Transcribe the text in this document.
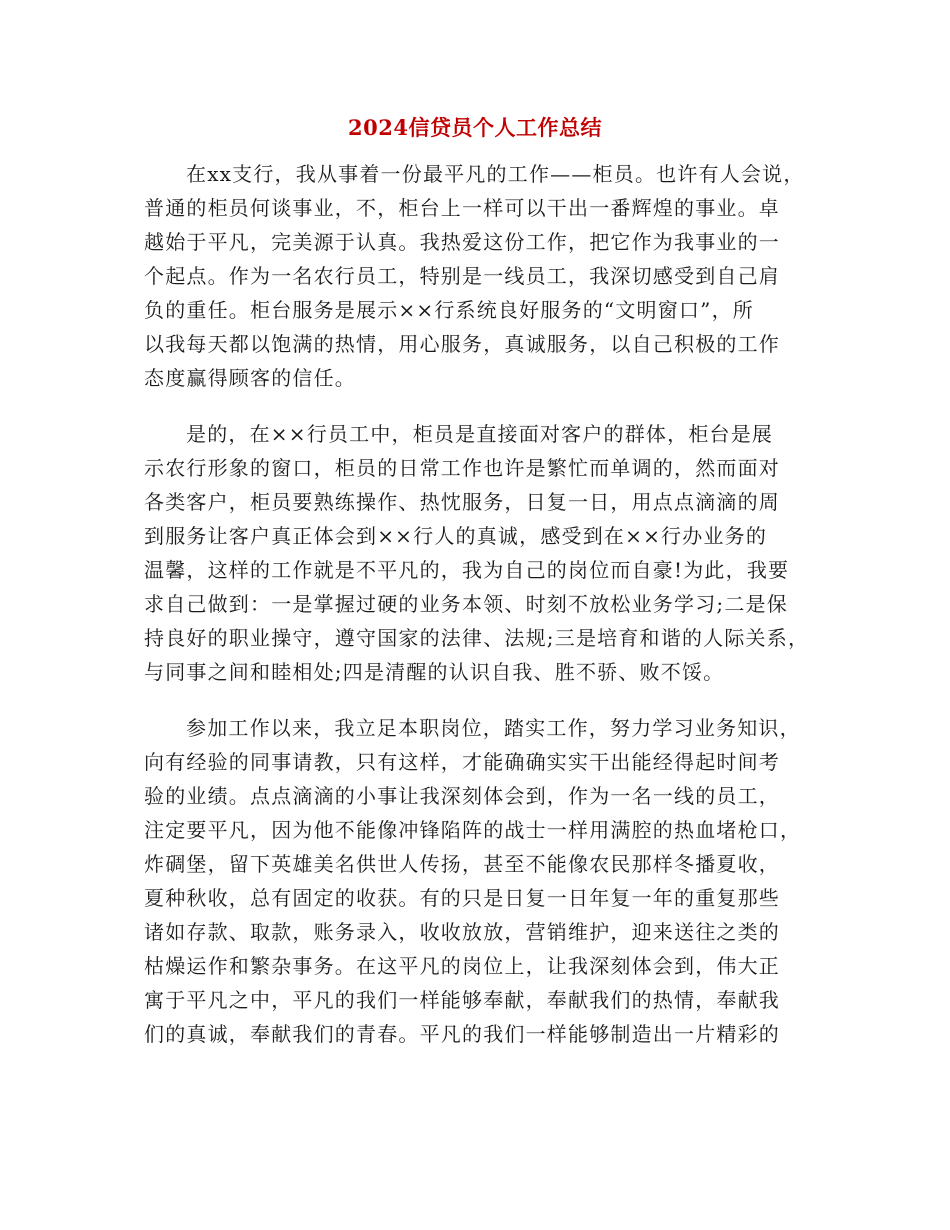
2024信贷员个人工作总结
在xx支行，我从事着一份最平凡的工作——柜员。也许有人会说，
普通的柜员何谈事业，不，柜台上一样可以干出一番辉煌的事业。卓
越始于平凡，完美源于认真。我热爱这份工作，把它作为我事业的一
个起点。作为一名农行员工，特别是一线员工，我深切感受到自己肩
负的重任。柜台服务是展示××行系统良好服务的“文明窗口”，所
以我每天都以饱满的热情，用心服务，真诚服务，以自己积极的工作
态度赢得顾客的信任。
是的，在××行员工中，柜员是直接面对客户的群体，柜台是展
示农行形象的窗口，柜员的日常工作也许是繁忙而单调的，然而面对
各类客户，柜员要熟练操作、热忱服务，日复一日，用点点滴滴的周
到服务让客户真正体会到××行人的真诚，感受到在××行办业务的
温馨，这样的工作就是不平凡的，我为自己的岗位而自豪!为此，我要
求自己做到：一是掌握过硬的业务本领、时刻不放松业务学习;二是保
持良好的职业操守，遵守国家的法律、法规;三是培育和谐的人际关系，
与同事之间和睦相处;四是清醒的认识自我、胜不骄、败不馁。
参加工作以来，我立足本职岗位，踏实工作，努力学习业务知识，
向有经验的同事请教，只有这样，才能确确实实干出能经得起时间考
验的业绩。点点滴滴的小事让我深刻体会到，作为一名一线的员工，
注定要平凡，因为他不能像冲锋陷阵的战士一样用满腔的热血堵枪口，
炸碉堡，留下英雄美名供世人传扬，甚至不能像农民那样冬播夏收，
夏种秋收，总有固定的收获。有的只是日复一日年复一年的重复那些
诸如存款、取款，账务录入，收收放放，营销维护，迎来送往之类的
枯燥运作和繁杂事务。在这平凡的岗位上，让我深刻体会到，伟大正
寓于平凡之中，平凡的我们一样能够奉献，奉献我们的热情，奉献我
们的真诚，奉献我们的青春。平凡的我们一样能够制造出一片精彩的
